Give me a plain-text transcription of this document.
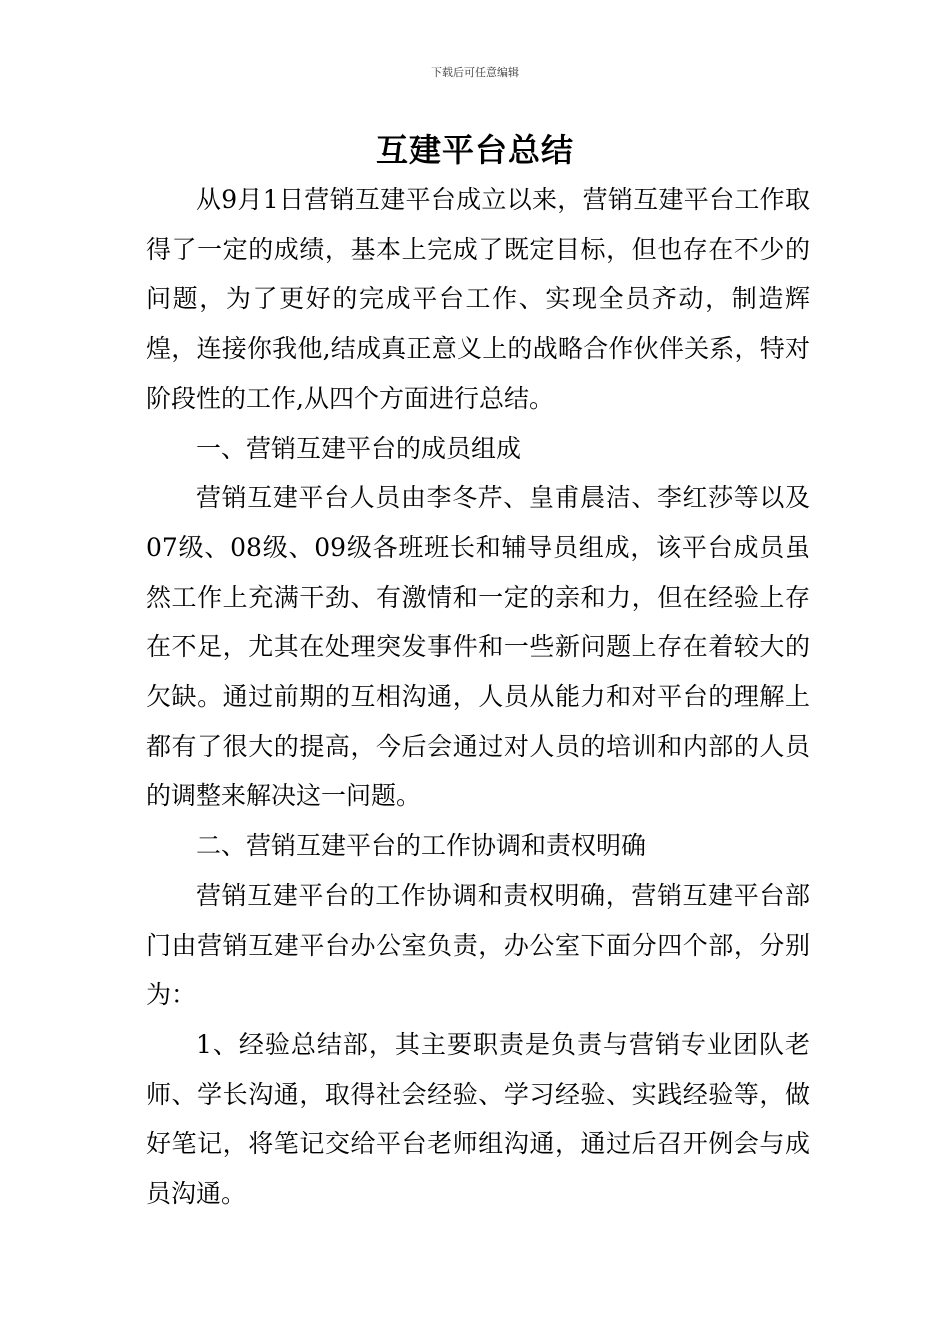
下载后可任意编辑
互建平台总结

从9月1日营销互建平台成立以来，营销互建平台工作取得了一定的成绩，基本上完成了既定目标，但也存在不少的问题，为了更好的完成平台工作、实现全员齐动，制造辉煌，连接你我他,结成真正意义上的战略合作伙伴关系，特对阶段性的工作,从四个方面进行总结。

一、营销互建平台的成员组成

营销互建平台人员由李冬芹、皇甫晨洁、李红莎等以及07级、08级、09级各班班长和辅导员组成，该平台成员虽然工作上充满干劲、有激情和一定的亲和力，但在经验上存在不足，尤其在处理突发事件和一些新问题上存在着较大的欠缺。通过前期的互相沟通，人员从能力和对平台的理解上都有了很大的提高，今后会通过对人员的培训和内部的人员的调整来解决这一问题。

二、营销互建平台的工作协调和责权明确

营销互建平台的工作协调和责权明确，营销互建平台部门由营销互建平台办公室负责，办公室下面分四个部，分别为：

1、经验总结部，其主要职责是负责与营销专业团队老师、学长沟通，取得社会经验、学习经验、实践经验等，做好笔记，将笔记交给平台老师组沟通，通过后召开例会与成员沟通。
